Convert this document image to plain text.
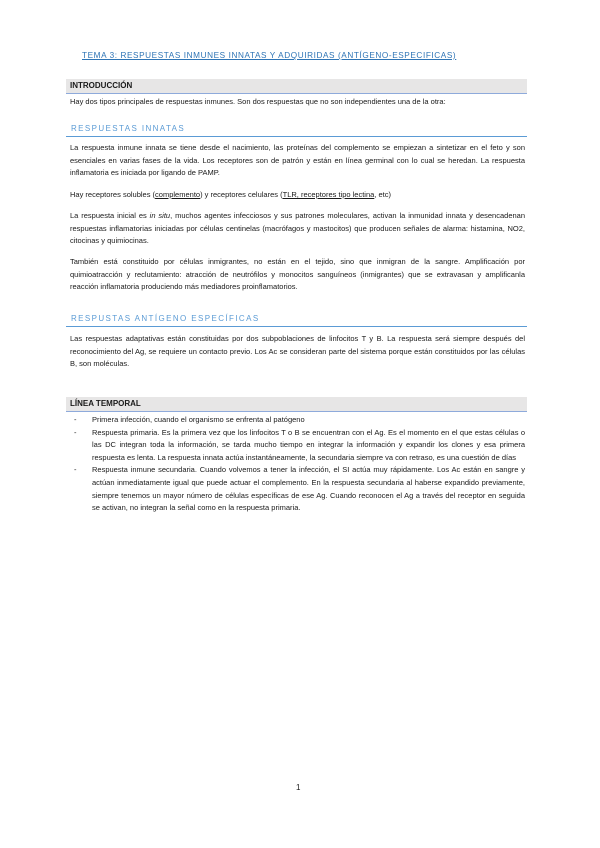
TEMA 3: RESPUESTAS INMUNES INNATAS Y ADQUIRIDAS (ANTÍGENO-ESPECIFICAS)
INTRODUCCIÓN
Hay dos tipos principales de respuestas inmunes. Son dos respuestas que no son independientes una de la otra:
RESPUESTAS INNATAS
La respuesta inmune innata se tiene desde el nacimiento, las proteínas del complemento se empiezan a sintetizar en el feto y son esenciales en varias fases de la vida. Los receptores son de patrón y están en línea germinal con lo cual se heredan. La respuesta inflamatoria es iniciada por ligando de PAMP.
Hay receptores solubles (complemento) y receptores celulares (TLR, receptores tipo lectina, etc)
La respuesta inicial es in situ, muchos agentes infecciosos y sus patrones moleculares, activan la inmunidad innata y desencadenan respuestas inflamatorias iniciadas por células centinelas (macrófagos y mastocitos) que producen señales de alarma: histamina, NO2, citocinas y quimiocinas.
También está constituido por células inmigrantes, no están en el tejido, sino que inmigran de la sangre. Amplificación por quimioatracción y reclutamiento: atracción de neutrófilos y monocitos sanguíneos (inmigrantes) que se extravasan y amplificanla reacción inflamatoria produciendo más mediadores proinflamatorios.
RESPUSTAS ANTÍGENO ESPECÍFICAS
Las respuestas adaptativas están constituidas por dos subpoblaciones de linfocitos T y B. La respuesta será siempre después del reconocimiento del Ag, se requiere un contacto previo. Los Ac se consideran parte del sistema porque están constituidos por las células B, son moléculas.
LÍNEA TEMPORAL
- Primera infección, cuando el organismo se enfrenta al patógeno
- Respuesta primaria. Es la primera vez que los linfocitos T o B se encuentran con el Ag. Es el momento en el que estas células o las DC integran toda la información, se tarda mucho tiempo en integrar la información y expandir los clones y esa primera respuesta es lenta. La respuesta innata actúa instantáneamente, la secundaria siempre va con retraso, es una cuestión de días
- Respuesta inmune secundaria. Cuando volvemos a tener la infección, el SI actúa muy rápidamente. Los Ac están en sangre y actúan inmediatamente igual que puede actuar el complemento. En la respuesta secundaria al haberse expandido previamente, siempre tenemos un mayor número de células específicas de ese Ag. Cuando reconocen el Ag a través del receptor en seguida se activan, no integran la señal como en la respuesta primaria.
1
